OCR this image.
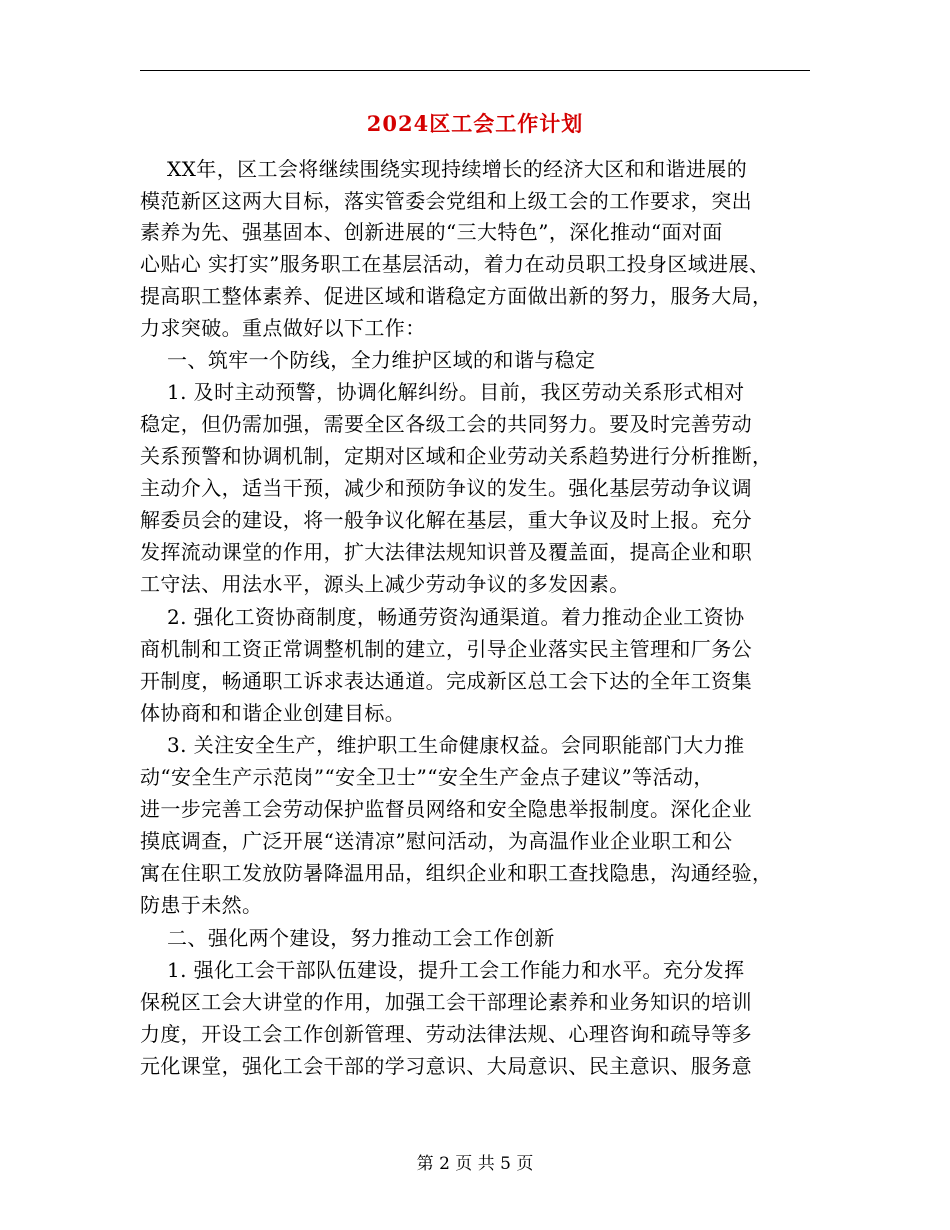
2024区工会工作计划
XX年，区工会将继续围绕实现持续增长的经济大区和和谐进展的
模范新区这两大目标，落实管委会党组和上级工会的工作要求，突出
素养为先、强基固本、创新进展的“三大特色”，深化推动“面对面
心贴心 实打实”服务职工在基层活动，着力在动员职工投身区域进展、
提高职工整体素养、促进区域和谐稳定方面做出新的努力，服务大局，
力求突破。重点做好以下工作：
一、筑牢一个防线，全力维护区域的和谐与稳定
1. 及时主动预警，协调化解纠纷。目前，我区劳动关系形式相对
稳定，但仍需加强，需要全区各级工会的共同努力。要及时完善劳动
关系预警和协调机制，定期对区域和企业劳动关系趋势进行分析推断，
主动介入，适当干预，减少和预防争议的发生。强化基层劳动争议调
解委员会的建设，将一般争议化解在基层，重大争议及时上报。充分
发挥流动课堂的作用，扩大法律法规知识普及覆盖面，提高企业和职
工守法、用法水平，源头上减少劳动争议的多发因素。
2. 强化工资协商制度，畅通劳资沟通渠道。着力推动企业工资协
商机制和工资正常调整机制的建立，引导企业落实民主管理和厂务公
开制度，畅通职工诉求表达通道。完成新区总工会下达的全年工资集
体协商和和谐企业创建目标。
3. 关注安全生产，维护职工生命健康权益。会同职能部门大力推
动“安全生产示范岗”“安全卫士”“安全生产金点子建议”等活动，
进一步完善工会劳动保护监督员网络和安全隐患举报制度。深化企业
摸底调查，广泛开展“送清凉”慰问活动，为高温作业企业职工和公
寓在住职工发放防暑降温用品，组织企业和职工查找隐患，沟通经验，
防患于未然。
二、强化两个建设，努力推动工会工作创新
1. 强化工会干部队伍建设，提升工会工作能力和水平。充分发挥
保税区工会大讲堂的作用，加强工会干部理论素养和业务知识的培训
力度，开设工会工作创新管理、劳动法律法规、心理咨询和疏导等多
元化课堂，强化工会干部的学习意识、大局意识、民主意识、服务意
第 2 页 共 5 页
